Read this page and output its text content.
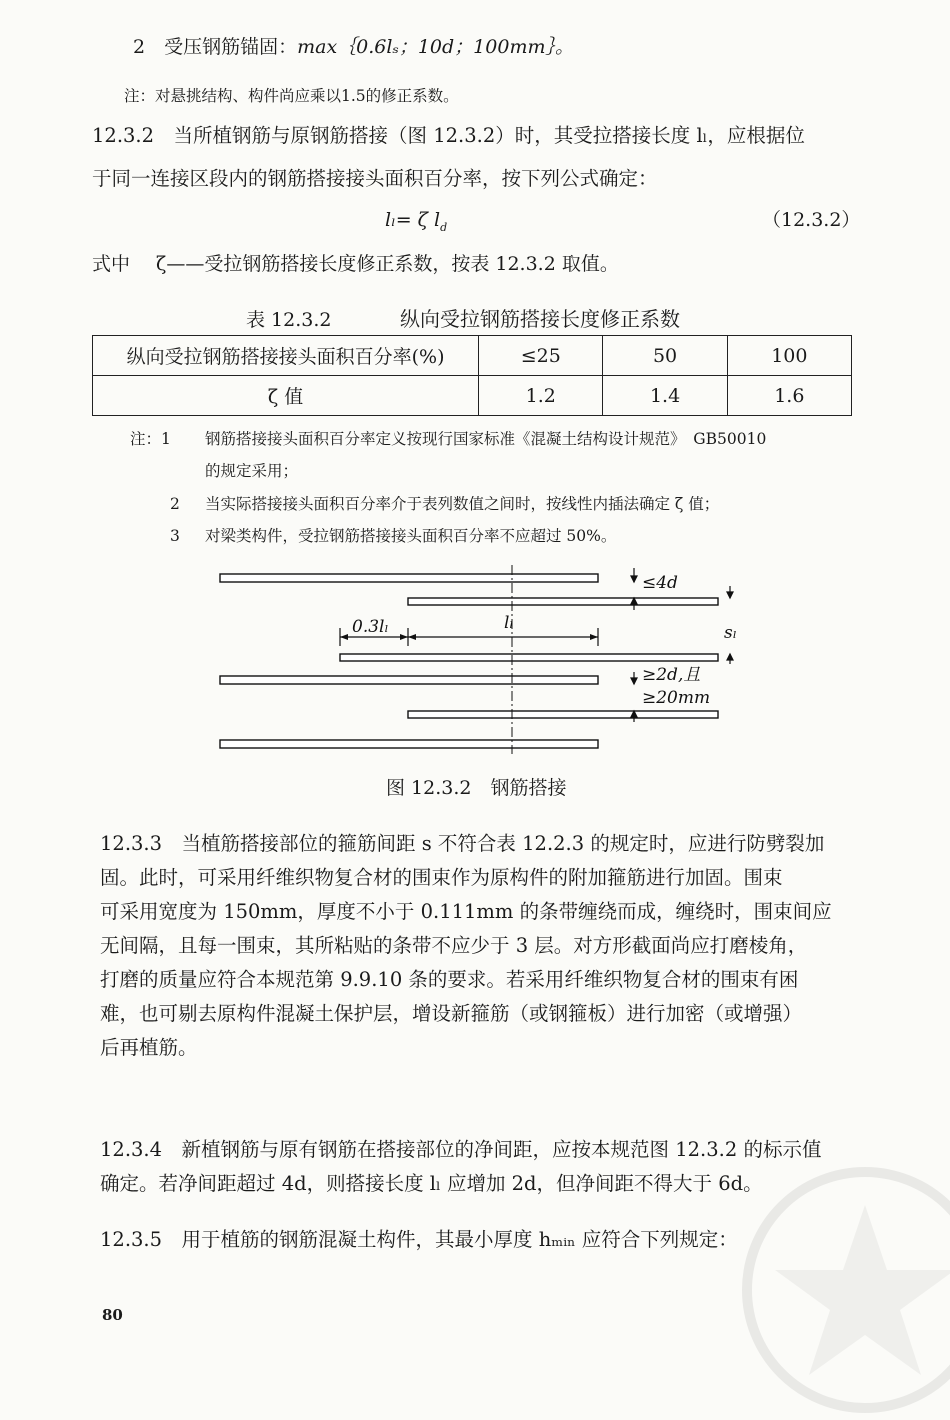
2　受压钢筋锚固：max｛0.6lₛ；10d；100mm｝。
注：对悬挑结构、构件尚应乘以1.5的修正系数。
12.3.2　当所植钢筋与原钢筋搭接（图 12.3.2）时，其受拉搭接长度 lₗ，应根据位
于同一连接区段内的钢筋搭接接头面积百分率，按下列公式确定：
lₗ= ζ $l_d$	（12.3.2）
式中 ζ——受拉钢筋搭接长度修正系数，按表 12.3.2 取值。
表 12.3.2	纵向受拉钢筋搭接长度修正系数
纵向受拉钢筋搭接接头面积百分率(%)	≤25	50	100
ζ 值	1.2	1.4	1.6
注：1 钢筋搭接接头面积百分率定义按现行国家标准《混凝土结构设计规范》　GB50010
的规定采用；
2 当实际搭接接头面积百分率介于表列数值之间时，按线性内插法确定 ζ 值；
3 对梁类构件，受拉钢筋搭接接头面积百分率不应超过 50%。
≤4d
0.3lₗ	lₗ	sₗ
≥2d,且
≥20mm
图 12.3.2　钢筋搭接
12.3.3　当植筋搭接部位的箍筋间距 s 不符合表 12.2.3 的规定时，应进行防劈裂加
固。此时，可采用纤维织物复合材的围束作为原构件的附加箍筋进行加固。围束
可采用宽度为 150mm，厚度不小于 0.111mm 的条带缠绕而成，缠绕时，围束间应
无间隔，且每一围束，其所粘贴的条带不应少于 3 层。对方形截面尚应打磨棱角，
打磨的质量应符合本规范第 9.9.10 条的要求。若采用纤维织物复合材的围束有困
难，也可剔去原构件混凝土保护层，增设新箍筋（或钢箍板）进行加密（或增强）
后再植筋。
12.3.4　新植钢筋与原有钢筋在搭接部位的净间距，应按本规范图 12.3.2 的标示值
确定。若净间距超过 4d，则搭接长度 lₗ 应增加 2d，但净间距不得大于 6d。
12.3.5　用于植筋的钢筋混凝土构件，其最小厚度 hₘᵢₙ 应符合下列规定：
80
